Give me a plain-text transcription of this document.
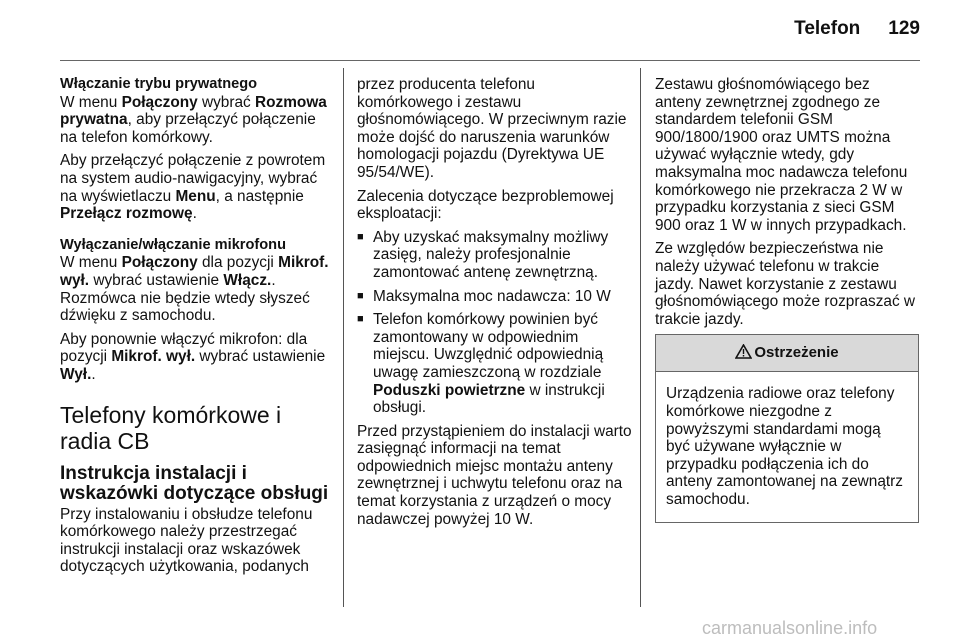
Telefon 129
Włączanie trybu prywatnego

W menu Połączony wybrać Rozmowa prywatna, aby przełączyć połączenie na telefon komórkowy.

Aby przełączyć połączenie z powrotem na system audio-nawigacyjny, wybrać na wyświetlaczu Menu, a następnie Przełącz rozmowę.

Wyłączanie/włączanie mikrofonu

W menu Połączony dla pozycji Mikrof. wył. wybrać ustawienie Włącz.. Rozmówca nie będzie wtedy słyszeć dźwięku z samochodu.

Aby ponownie włączyć mikrofon: dla pozycji Mikrof. wył. wybrać ustawienie Wył..

Telefony komórkowe i radia CB
Instrukcja instalacji i wskazówki dotyczące obsługi

Przy instalowaniu i obsłudze telefonu komórkowego należy przestrzegać instrukcji instalacji oraz wskazówek dotyczących użytkowania, podanych

przez producenta telefonu komórkowego i zestawu głośnomówiącego. W przeciwnym razie może dojść do naruszenia warunków homologacji pojazdu (Dyrektywa UE 95/54/WE).

Zalecenia dotyczące bezproblemowej eksploatacji:

■ Aby uzyskać maksymalny możliwy zasięg, należy profesjonalnie zamontować antenę zewnętrzną.
■ Maksymalna moc nadawcza: 10 W
■ Telefon komórkowy powinien być zamontowany w odpowiednim miejscu. Uwzględnić odpowiednią uwagę zamieszczoną w rozdziale Poduszki powietrzne w instrukcji obsługi.

Przed przystąpieniem do instalacji warto zasięgnąć informacji na temat odpowiednich miejsc montażu anteny zewnętrznej i uchwytu telefonu oraz na temat korzystania z urządzeń o mocy nadawczej powyżej 10 W.

Zestawu głośnomówiącego bez anteny zewnętrznej zgodnego ze standardem telefonii GSM 900/1800/1900 oraz UMTS można używać wyłącznie wtedy, gdy maksymalna moc nadawcza telefonu komórkowego nie przekracza 2 W w przypadku korzystania z sieci GSM 900 oraz 1 W w innych przypadkach.

Ze względów bezpieczeństwa nie należy używać telefonu w trakcie jazdy. Nawet korzystanie z zestawu głośnomówiącego może rozpraszać w trakcie jazdy.

Ostrzeżenie
Urządzenia radiowe oraz telefony komórkowe niezgodne z powyższymi standardami mogą być używane wyłącznie w przypadku podłączenia ich do anteny zamontowanej na zewnątrz samochodu.
carmanualsonline.info
